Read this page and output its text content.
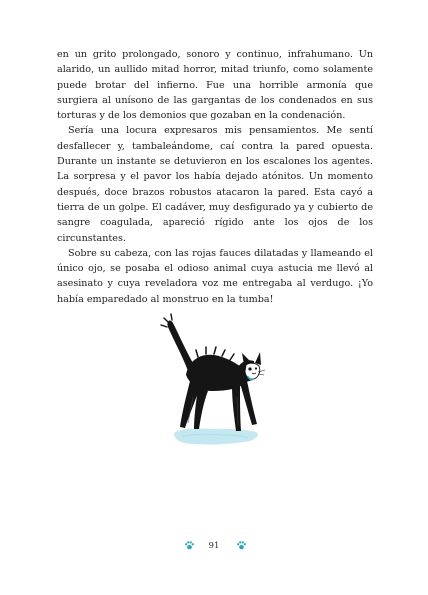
en un grito prolongado, sonoro y continuo, infrahumano. Un alarido, un aullido mitad horror, mitad triunfo, como solamente puede brotar del infierno. Fue una horrible armonía que surgiera al unísono de las gargantas de los condenados en sus torturas y de los demonios que gozaban en la condenación.

Sería una locura expresaros mis pensamientos. Me sentí desfallecer y, tambaleándome, caí contra la pared opuesta. Durante un instante se detuvieron en los escalones los agentes. La sorpresa y el pavor los había dejado atónitos. Un momento después, doce brazos robustos atacaron la pared. Esta cayó a tierra de un golpe. El cadáver, muy desfigurado ya y cubierto de sangre coagulada, apareció rígido ante los ojos de los circunstantes.

Sobre su cabeza, con las rojas fauces dilatadas y llameando el único ojo, se posaba el odioso animal cuya astucia me llevó al asesinato y cuya reveladora voz me entregaba al verdugo. ¡Yo había emparedado al monstruo en la tumba!

91
